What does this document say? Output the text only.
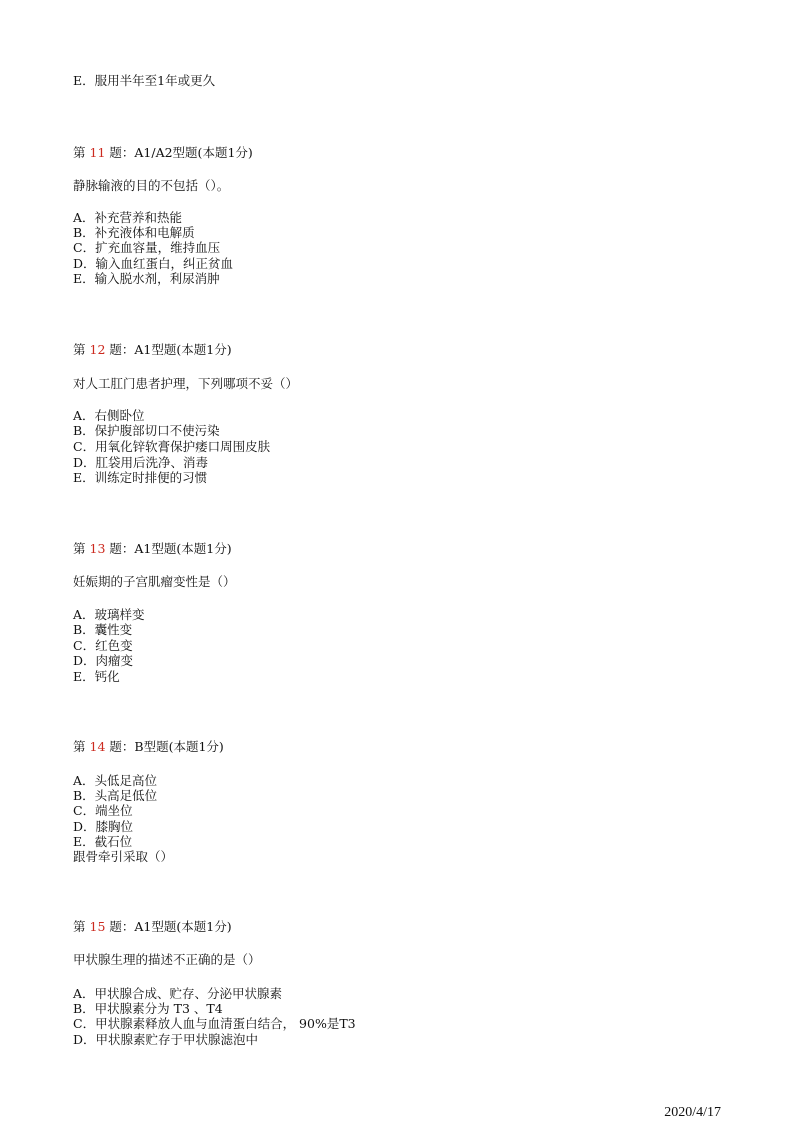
E．服用半年至1年或更久
第 11 题：A1/A2型题(本题1分)
静脉输液的目的不包括（）。
A．补充营养和热能
B．补充液体和电解质
C．扩充血容量，维持血压
D．输入血红蛋白，纠正贫血
E．输入脱水剂，利尿消肿
第 12 题：A1型题(本题1分)
对人工肛门患者护理，下列哪项不妥（）
A．右侧卧位
B．保护腹部切口不使污染
C．用氧化锌软膏保护痿口周围皮肤
D．肛袋用后洗净、消毒
E．训练定时排便的习惯
第 13 题：A1型题(本题1分)
妊娠期的子宫肌瘤变性是（）
A．玻璃样变
B．囊性变
C．红色变
D．肉瘤变
E．钙化
第 14 题：B型题(本题1分)
A．头低足高位
B．头高足低位
C．端坐位
D．膝胸位
E．截石位
跟骨牵引采取（）
第 15 题：A1型题(本题1分)
甲状腺生理的描述不正确的是（）
A．甲状腺合成、贮存、分泌甲状腺素
B．甲状腺素分为 T3 、T4
C．甲状腺素释放人血与血清蛋白结合， 90%是T3
D．甲状腺素贮存于甲状腺滤泡中
2020/4/17
